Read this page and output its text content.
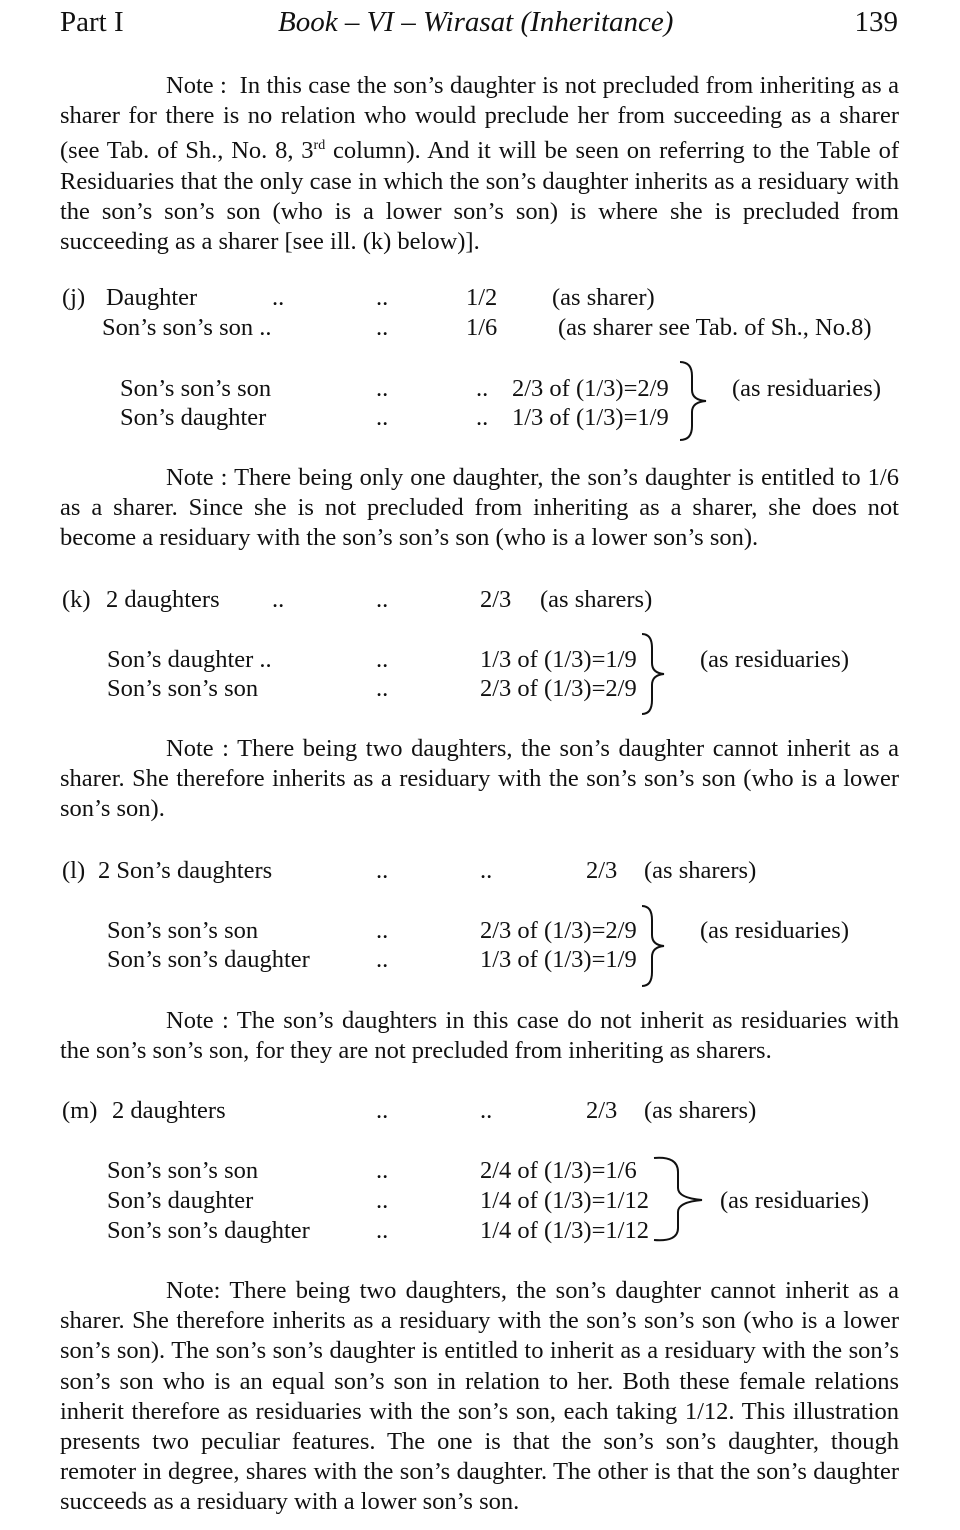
Part I	Book – VI – Wirasat (Inheritance)	139
Note :  In this case the son’s daughter is not precluded from inheriting as a sharer for there is no relation who would preclude her from succeeding as a sharer (see Tab. of Sh., No. 8, 3rd column). And it will be seen on referring to the Table of Residuaries that the only case in which the son’s daughter inherits as a residuary with the son’s son’s son (who is a lower son’s son) is where she is precluded from succeeding as a sharer [see ill. (k) below)].
(j) Daughter	..	..	1/2 (as sharer)
Son’s son’s son ..	..	1/6 (as sharer see Tab. of Sh., No.8)
Son’s son’s son	..	.. 2/3 of (1/3)=2/9
Son’s daughter	..	.. 1/3 of (1/3)=1/9
(as residuaries)
Note : There being only one daughter, the son’s daughter is entitled to 1/6 as a sharer. Since she is not precluded from inheriting as a sharer, she does not become a residuary with the son’s son’s son (who is a lower son’s son).
(k) 2 daughters ..	..	2/3 (as sharers)
Son’s daughter ..	..	1/3 of (1/3)=1/9
Son’s son’s son	..	2/3 of (1/3)=2/9
(as residuaries)
Note : There being two daughters, the son’s daughter cannot inherit as a sharer. She therefore inherits as a residuary with the son’s son’s son (who is a lower son’s son).
(l) 2 Son’s daughters	..	..	2/3 (as sharers)
Son’s son’s son	..	2/3 of (1/3)=2/9
Son’s son’s daughter	..	1/3 of (1/3)=1/9
(as residuaries)
Note : The son’s daughters in this case do not inherit as residuaries with the son’s son’s son, for they are not precluded from inheriting as sharers.
(m) 2 daughters	..	..	2/3 (as sharers)
Son’s son’s son	..	2/4 of (1/3)=1/6
Son’s daughter	..	1/4 of (1/3)=1/12
Son’s son’s daughter	..	1/4 of (1/3)=1/12
(as residuaries)
Note: There being two daughters, the son’s daughter cannot inherit as a sharer. She therefore inherits as a residuary with the son’s son’s son (who is a lower son’s son). The son’s son’s daughter is entitled to inherit as a residuary with the son’s son’s son who is an equal son’s son in relation to her. Both these female relations inherit therefore as residuaries with the son’s son, each taking 1/12. This illustration presents two peculiar features. The one is that the son’s son’s daughter, though remoter in degree, shares with the son’s daughter. The other is that the son’s daughter succeeds as a residuary with a lower son’s son.
